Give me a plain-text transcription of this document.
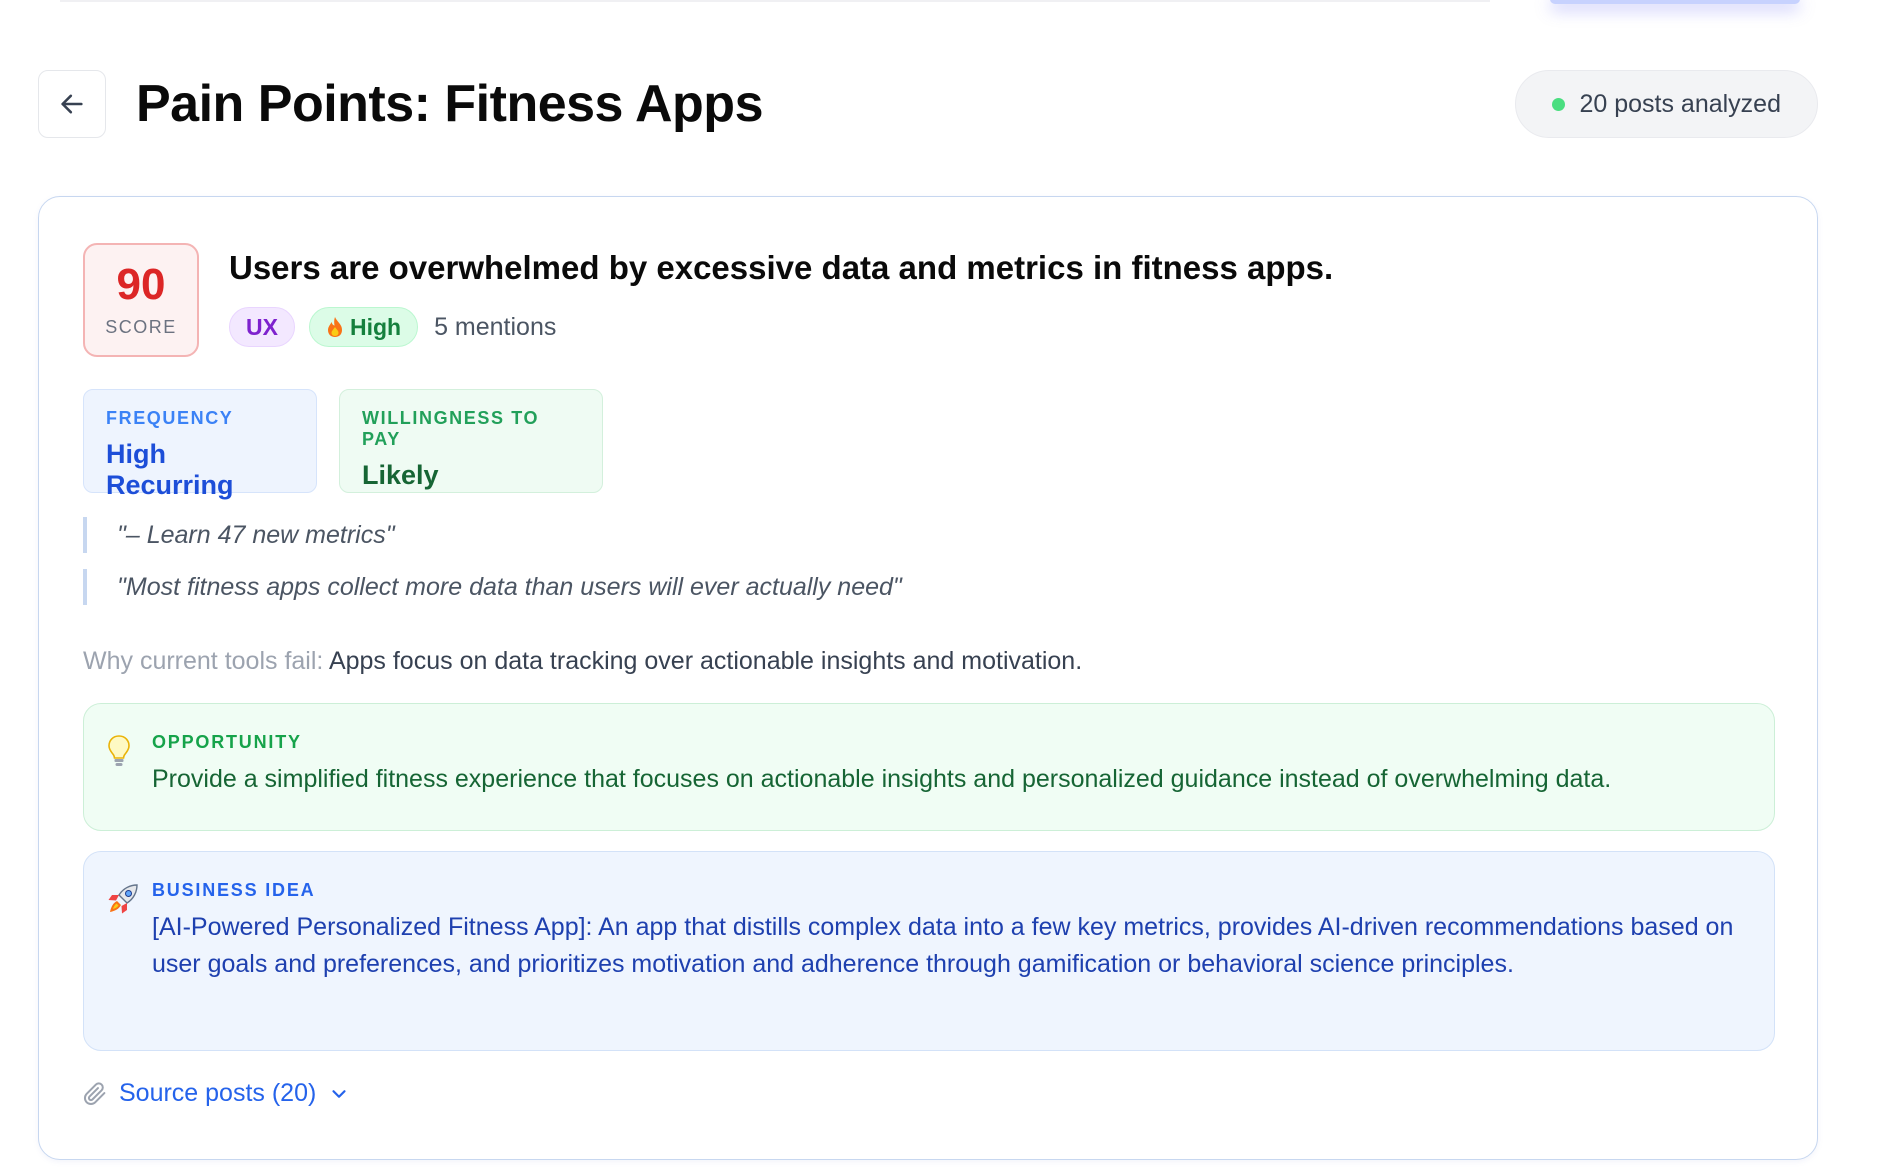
Pain Points: Fitness Apps	20 posts analyzed
90
SCORE
Users are overwhelmed by excessive data and metrics in fitness apps.
UX	High 5 mentions
FREQUENCY
High Recurring
WILLINGNESS TO PAY
Likely
"– Learn 47 new metrics"
"Most fitness apps collect more data than users will ever actually need"
Why current tools fail: Apps focus on data tracking over actionable insights and motivation.
OPPORTUNITY
Provide a simplified fitness experience that focuses on actionable insights and personalized guidance instead of overwhelming data.
BUSINESS IDEA
[AI-Powered Personalized Fitness App]: An app that distills complex data into a few key metrics, provides AI-driven recommendations based on user goals and preferences, and prioritizes motivation and adherence through gamification or behavioral science principles.
Source posts (20)
